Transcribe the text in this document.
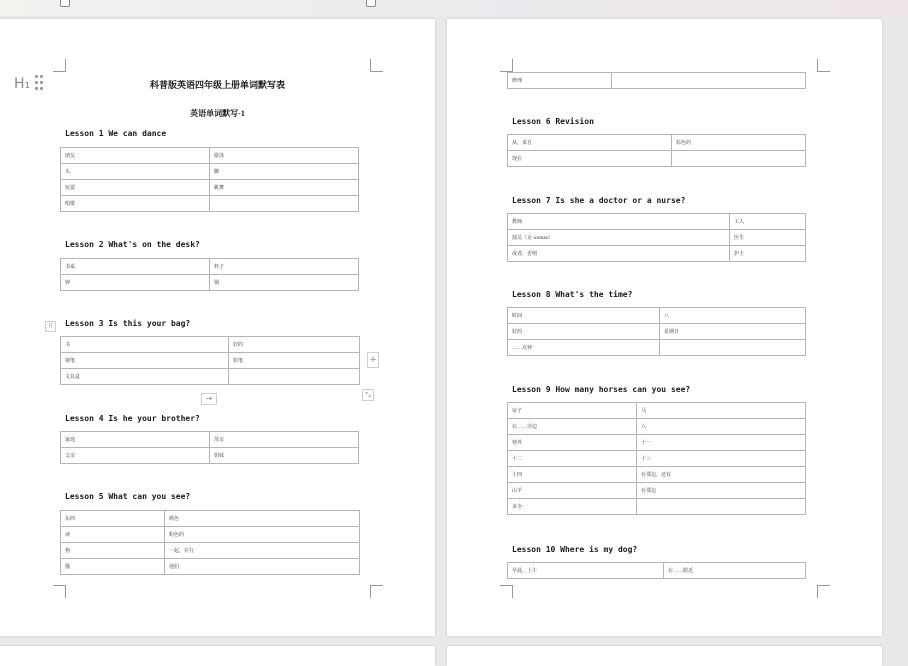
科普版英语四年级上册单词默写表
英语单词默写-1
Lesson 1 We can dance
朋友	游泳
头	脚
玩耍	跳舞
唱歌	
Lesson 2 What's on the desk?
书桌	杯子
钟	钢
Lesson 3 Is this your bag?
书	好的
钢笔	铅笔
文具盒	
Lesson 4 Is he your brother?
家庭	母亲
父亲	姐妹
Lesson 5 What can you see?
东西	颜色
读	粉色的
狗	一起，在行
猫	他们
H₁
⠿
+
→	⤡
修理	
Lesson 6 Revision
从，来自	棕色的
现在	
Lesson 7 Is she a doctor or a nurse?
教师	工人
演员（女 woman）	医生
或者，否则	护士
Lesson 8 What's the time?
时间	八
好的	星期日
……点钟	
Lesson 9 How many horses can you see?
房子	马
在……旁边	六
钟外	十一
十二	十三
十四	在那边，还有
山羊	在那边
多少	
Lesson 10 Where is my dog?
早晨，上午	在……附近
